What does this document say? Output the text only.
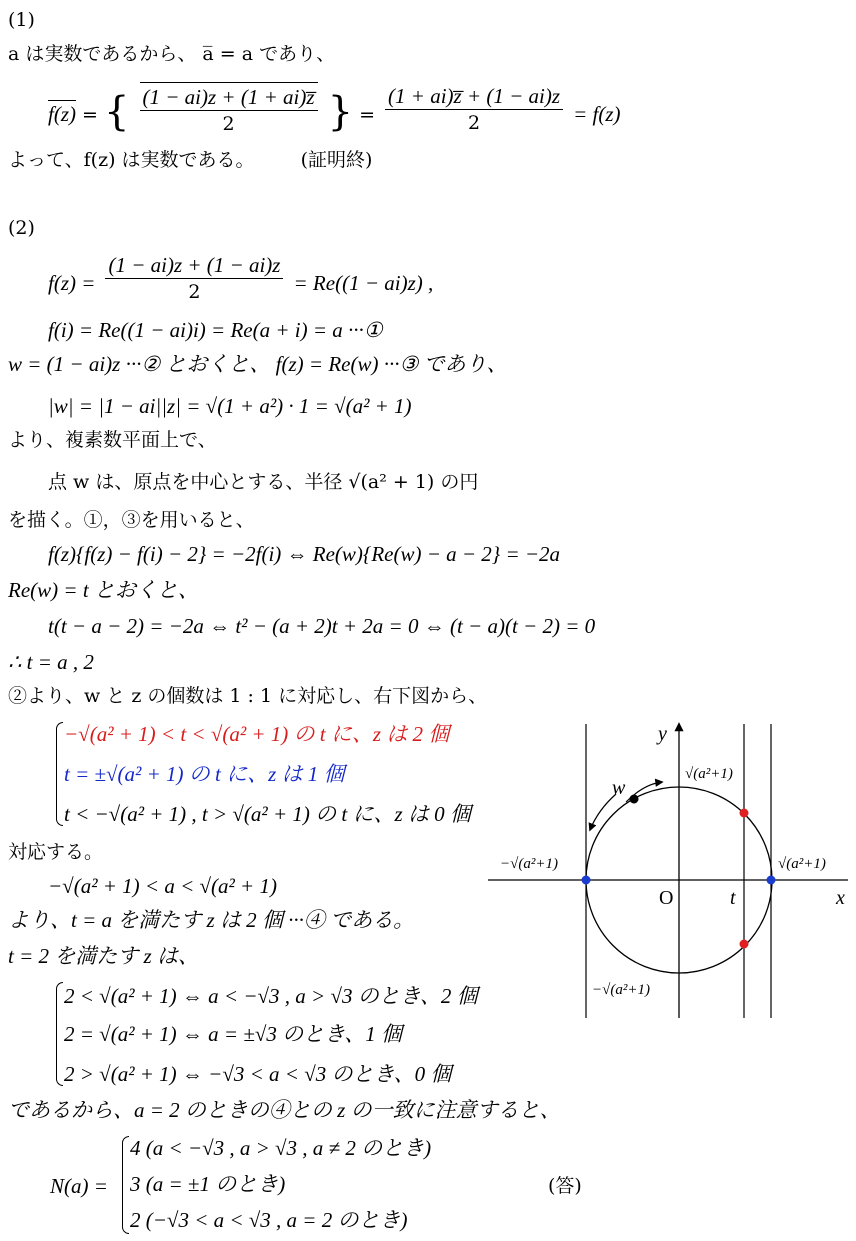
(1)
a は実数であるから、 a̅ = a であり、
f(z) = { $\frac{(1 - ai)z + (1 + ai)z̅}{2}$ } = $\frac{(1 + ai)z̅ + (1 - ai)z}{2} = f(z)$
よって、f(z) は実数である。 (証明終)
(2)
$f(z) = \frac{(1 - ai)z + (1 - ai)z}{2} = Re((1 - ai)z)$ ,
f(i) = Re((1 − ai)i) = Re(a + i) = a ···①
w = (1 − ai)z ···② とおくと、 f(z) = Re(w) ···③ であり、
|w| = |1 − ai||z| = √(1 + a²) · 1 = √(a² + 1)
より、複素数平面上で、
点 w は、原点を中心とする、半径 √(a² + 1) の円
を描く。①，③を用いると、
f(z){f(z) − f(i) − 2} = −2f(i) ⇔ Re(w){Re(w) − a − 2} = −2a
Re(w) = t とおくと、
t(t − a − 2) = −2a ⇔ t² − (a + 2)t + 2a = 0 ⇔ (t − a)(t − 2) = 0
∴ t = a , 2
②より、w と z の個数は 1 : 1 に対応し、右下図から、
−√(a² + 1) < t < √(a² + 1) の t に、z は 2 個
t = ±√(a² + 1) の t に、z は 1 個
t < −√(a² + 1) , t > √(a² + 1) の t に、z は 0 個
対応する。
−√(a² + 1) < a < √(a² + 1)
より、t = a を満たす z は 2 個 ···④ である。
t = 2 を満たす z は、
2 < √(a² + 1) ⇔ a < −√3 , a > √3 のとき、2 個
2 = √(a² + 1) ⇔ a = ±√3 のとき、1 個
2 > √(a² + 1) ⇔ −√3 < a < √3 のとき、0 個
であるから、a = 2 のときの④との z の一致に注意すると、
N(a) =
4 (a < −√3 , a > √3 , a ≠ 2 のとき)
3 (a = ±1 のとき)
2 (−√3 < a < √3 , a = 2 のとき)
(答)
y
x
O	t
w
√(a²+1)
√(a²+1)
−√(a²+1)
−√(a²+1)
